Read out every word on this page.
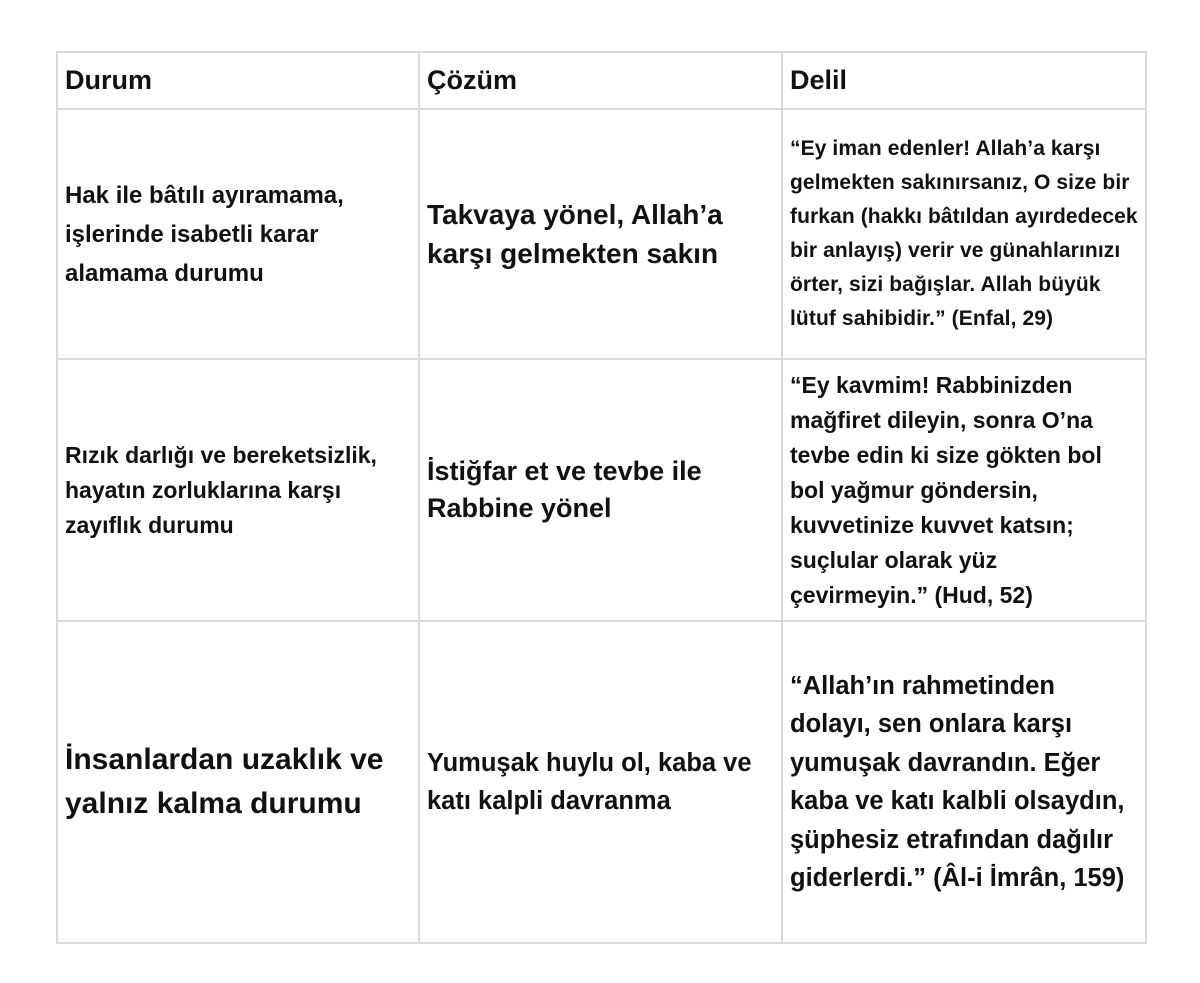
Durum	Çözüm	Delil

Hak ile bâtılı ayıramama, işlerinde isabetli karar alamama durumu	Takvaya yönel, Allah’a karşı gelmekten sakın	“Ey iman edenler! Allah’a karşı gelmekten sakınırsanız, O size bir furkan (hakkı bâtıldan ayırdedecek bir anlayış) verir ve günahlarınızı örter, sizi bağışlar. Allah büyük lütuf sahibidir.” (Enfal, 29)

Rızık darlığı ve bereketsizlik, hayatın zorluklarına karşı zayıflık durumu	İstiğfar et ve tevbe ile Rabbine yönel	“Ey kavmim! Rabbinizden mağfiret dileyin, sonra O’na tevbe edin ki size gökten bol bol yağmur göndersin, kuvvetinize kuvvet katsın; suçlular olarak yüz çevirmeyin.” (Hud, 52)

İnsanlardan uzaklık ve yalnız kalma durumu	Yumuşak huylu ol, kaba ve katı kalpli davranma	“Allah’ın rahmetinden dolayı, sen onlara karşı yumuşak davrandın. Eğer kaba ve katı kalbli olsaydın, şüphesiz etrafından dağılır giderlerdi.” (Âl-i İmrân, 159)
